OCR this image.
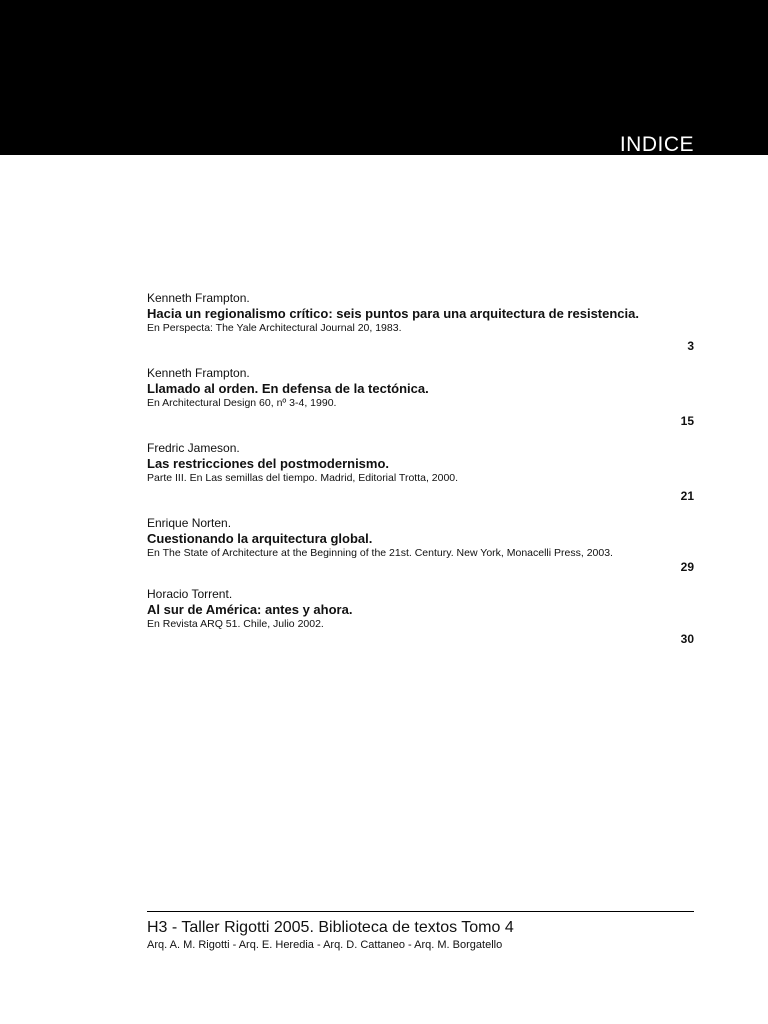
INDICE
Kenneth Frampton.
Hacia un regionalismo crítico: seis puntos para una arquitectura de resistencia.
En Perspecta: The Yale Architectural Journal 20, 1983.
3
Kenneth Frampton.
Llamado al orden. En defensa de la tectónica.
En Architectural Design 60, nº 3-4, 1990.
15
Fredric Jameson.
Las restricciones del postmodernismo.
Parte III. En Las semillas del tiempo. Madrid, Editorial Trotta, 2000.
21
Enrique Norten.
Cuestionando la arquitectura global.
En The State of Architecture at the Beginning of the 21st. Century. New York, Monacelli Press, 2003.
29
Horacio Torrent.
Al sur de América: antes y ahora.
En Revista ARQ 51. Chile, Julio 2002.
30
H3 - Taller Rigotti 2005. Biblioteca de textos Tomo 4
Arq. A. M. Rigotti - Arq. E. Heredia - Arq. D. Cattaneo - Arq. M. Borgatello
